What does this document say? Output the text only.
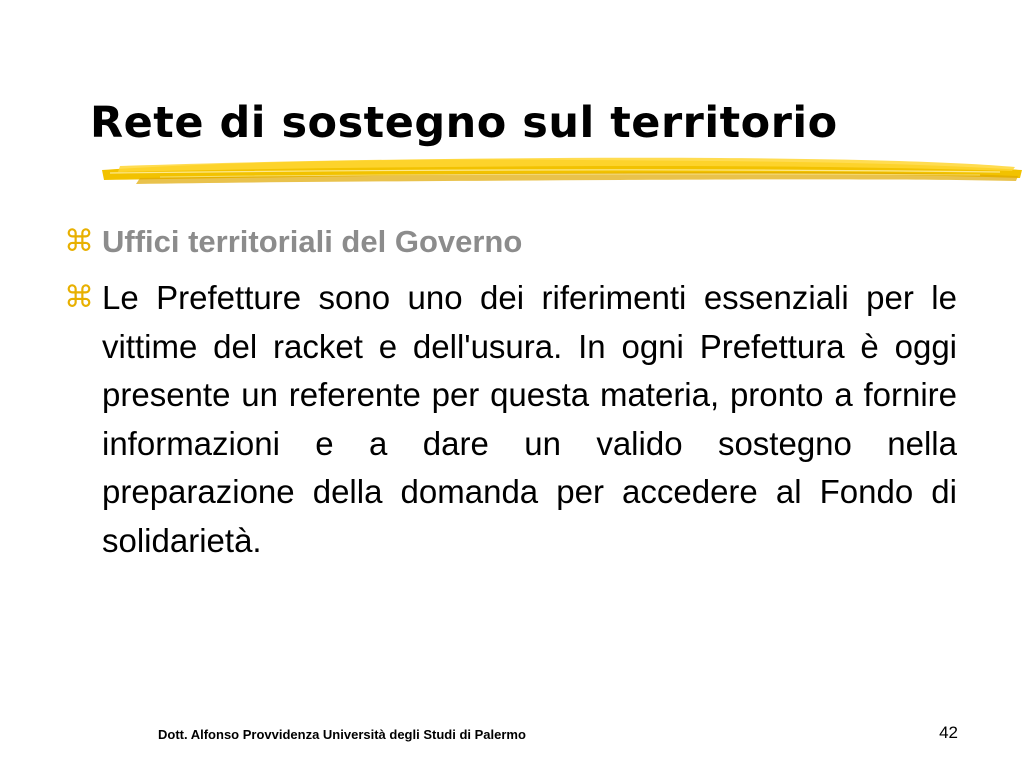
Rete di sostegno sul territorio
⌘ Uffici territoriali del Governo
⌘ Le Prefetture sono uno dei riferimenti essenziali per le vittime del racket e dell'usura. In ogni Prefettura è oggi presente un referente per questa materia, pronto a fornire informazioni e a dare un valido sostegno nella preparazione della domanda per accedere al Fondo di solidarietà.
Dott. Alfonso Provvidenza Università degli Studi di Palermo	42
